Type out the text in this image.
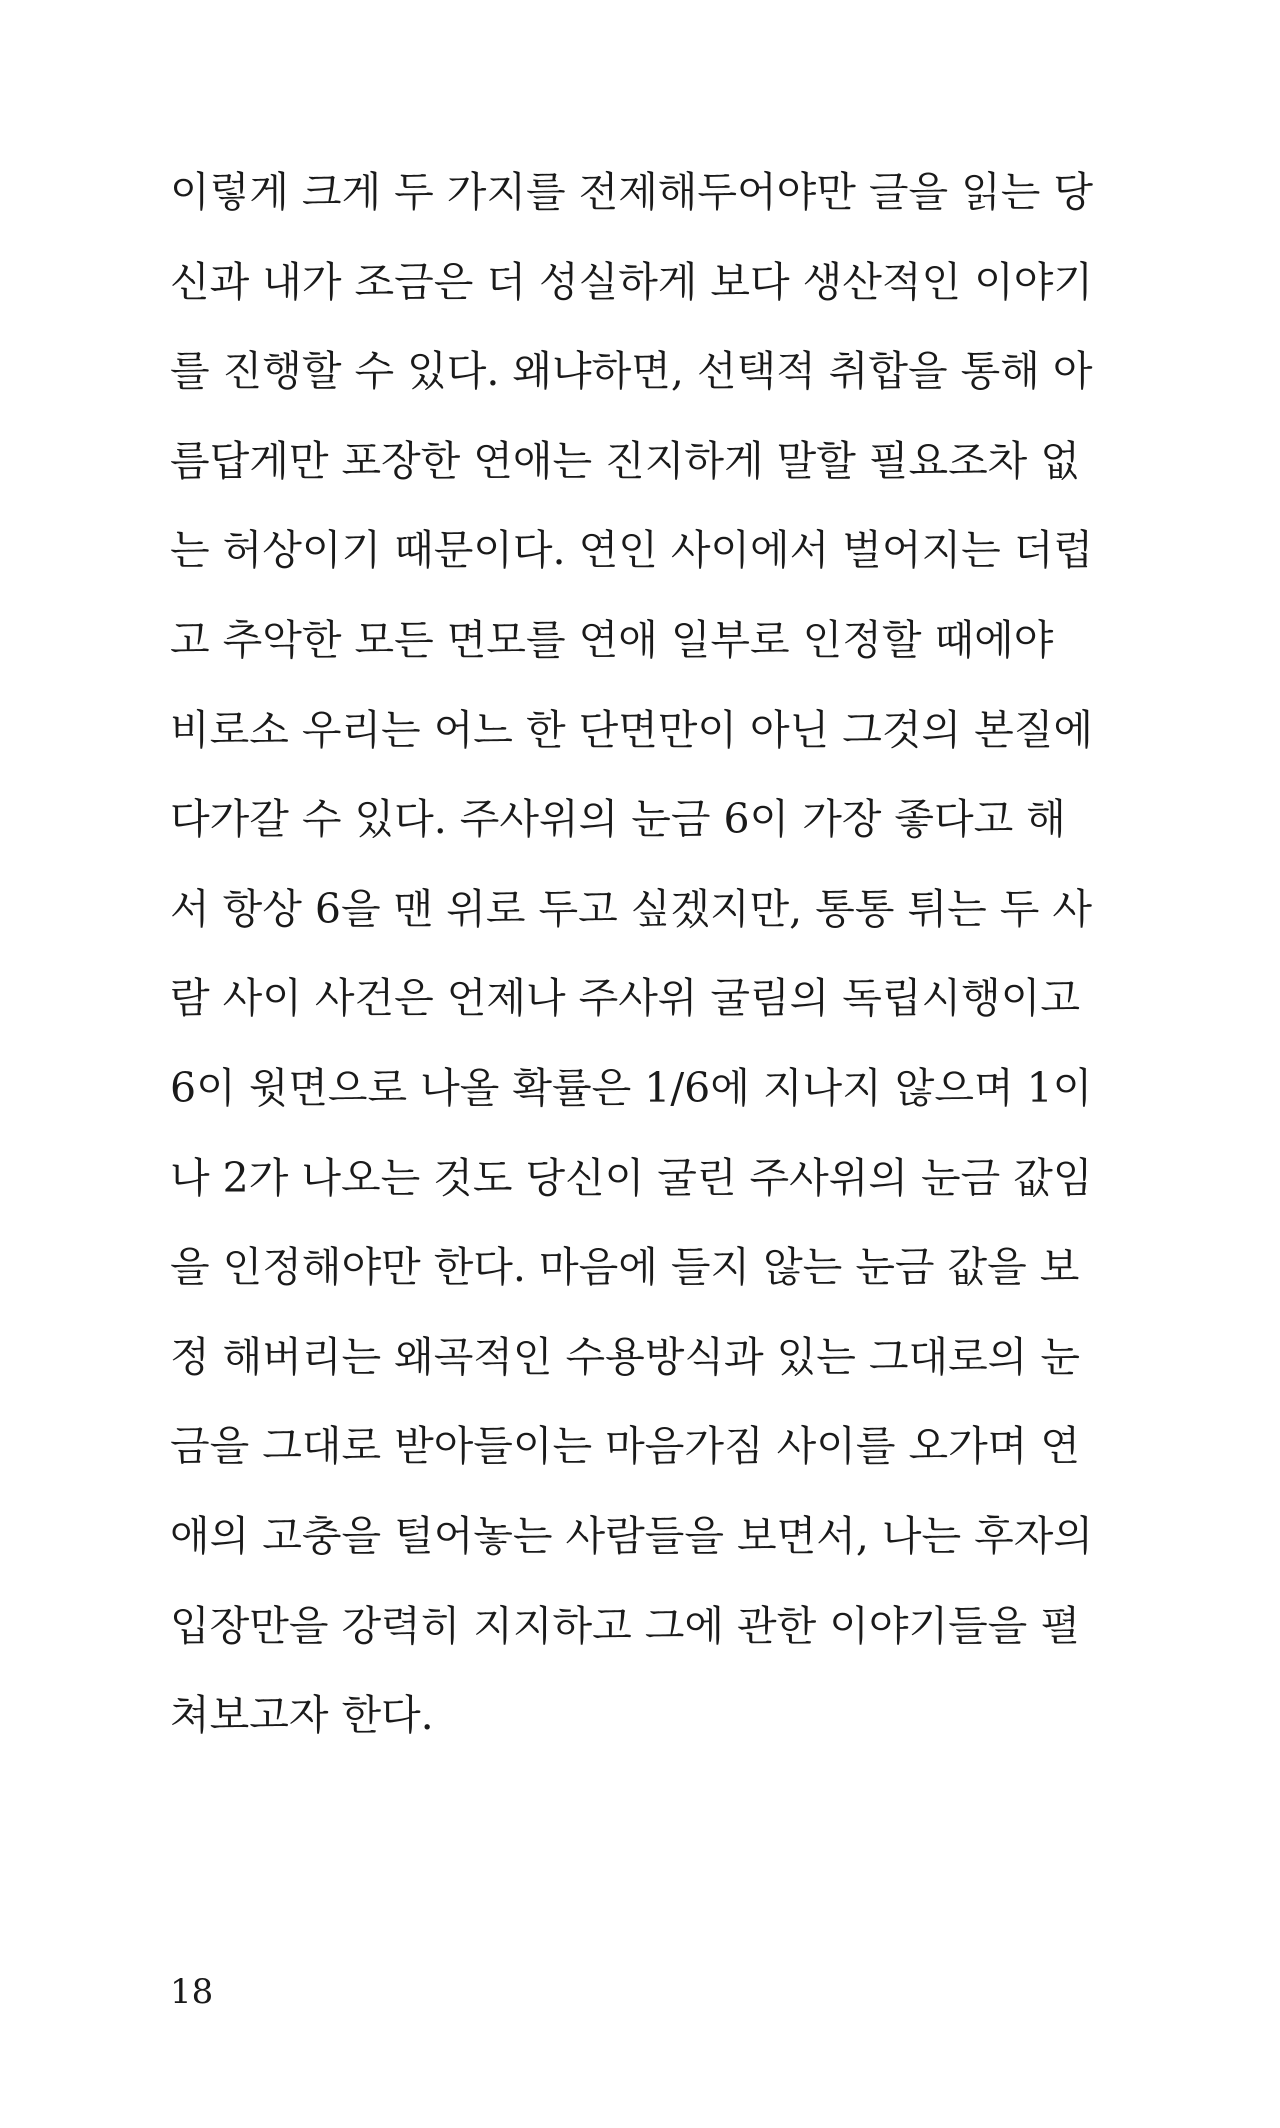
이렇게 크게 두 가지를 전제해두어야만 글을 읽는 당
신과 내가 조금은 더 성실하게 보다 생산적인 이야기
를 진행할 수 있다. 왜냐하면, 선택적 취합을 통해 아
름답게만 포장한 연애는 진지하게 말할 필요조차 없
는 허상이기 때문이다. 연인 사이에서 벌어지는 더럽
고 추악한 모든 면모를 연애 일부로 인정할 때에야
비로소 우리는 어느 한 단면만이 아닌 그것의 본질에
다가갈 수 있다. 주사위의 눈금 6이 가장 좋다고 해
서 항상 6을 맨 위로 두고 싶겠지만, 통통 튀는 두 사
람 사이 사건은 언제나 주사위 굴림의 독립시행이고
6이 윗면으로 나올 확률은 1/6에 지나지 않으며 1이
나 2가 나오는 것도 당신이 굴린 주사위의 눈금 값임
을 인정해야만 한다. 마음에 들지 않는 눈금 값을 보
정 해버리는 왜곡적인 수용방식과 있는 그대로의 눈
금을 그대로 받아들이는 마음가짐 사이를 오가며 연
애의 고충을 털어놓는 사람들을 보면서, 나는 후자의
입장만을 강력히 지지하고 그에 관한 이야기들을 펼
쳐보고자 한다.
18
